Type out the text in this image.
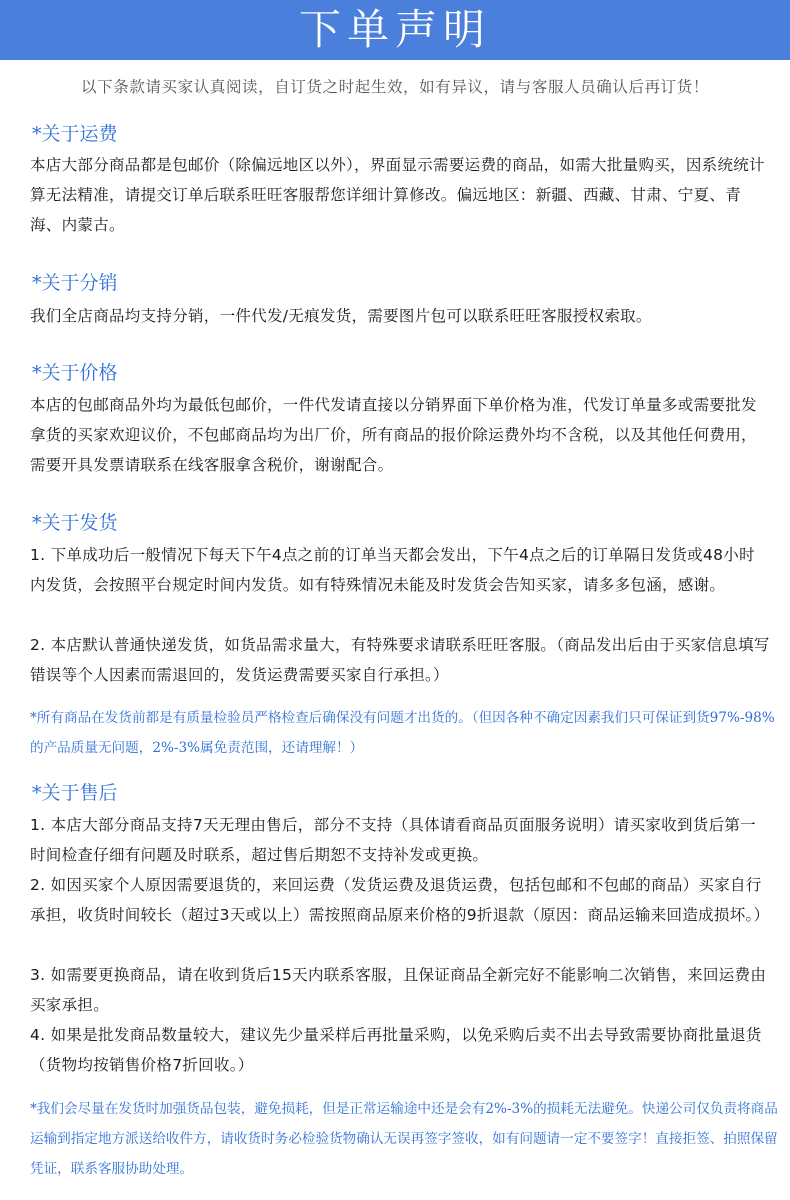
下单声明
以下条款请买家认真阅读，自订货之时起生效，如有异议，请与客服人员确认后再订货！
*关于运费

本店大部分商品都是包邮价（除偏远地区以外），界面显示需要运费的商品，如需大批量购买，因系统统计算无法精准，请提交订单后联系旺旺客服帮您详细计算修改。偏远地区：新疆、西藏、甘肃、宁夏、青海、内蒙古。

*关于分销

我们全店商品均支持分销，一件代发/无痕发货，需要图片包可以联系旺旺客服授权索取。

*关于价格

本店的包邮商品外均为最低包邮价，一件代发请直接以分销界面下单价格为准，代发订单量多或需要批发拿货的买家欢迎议价，不包邮商品均为出厂价，所有商品的报价除运费外均不含税，以及其他任何费用，需要开具发票请联系在线客服拿含税价，谢谢配合。

*关于发货

1. 下单成功后一般情况下每天下午4点之前的订单当天都会发出，下午4点之后的订单隔日发货或48小时内发货，会按照平台规定时间内发货。如有特殊情况未能及时发货会告知买家，请多多包涵，感谢。

2. 本店默认普通快递发货，如货品需求量大，有特殊要求请联系旺旺客服。（商品发出后由于买家信息填写错误等个人因素而需退回的，发货运费需要买家自行承担。）

*所有商品在发货前都是有质量检验员严格检查后确保没有问题才出货的。（但因各种不确定因素我们只可保证到货97%-98%的产品质量无问题，2%-3%属免责范围，还请理解！）

*关于售后

1. 本店大部分商品支持7天无理由售后，部分不支持（具体请看商品页面服务说明）请买家收到货后第一时间检查仔细有问题及时联系，超过售后期恕不支持补发或更换。

2. 如因买家个人原因需要退货的，来回运费（发货运费及退货运费，包括包邮和不包邮的商品）买家自行承担，收货时间较长（超过3天或以上）需按照商品原来价格的9折退款（原因：商品运输来回造成损坏。）

3. 如需要更换商品，请在收到货后15天内联系客服，且保证商品全新完好不能影响二次销售，来回运费由买家承担。

4. 如果是批发商品数量较大，建议先少量采样后再批量采购，以免采购后卖不出去导致需要协商批量退货（货物均按销售价格7折回收。）

*我们会尽量在发货时加强货品包装，避免损耗，但是正常运输途中还是会有2%-3%的损耗无法避免。快递公司仅负责将商品运输到指定地方派送给收件方，请收货时务必检验货物确认无误再签字签收，如有问题请一定不要签字！直接拒签、拍照保留凭证，联系客服协助处理。
